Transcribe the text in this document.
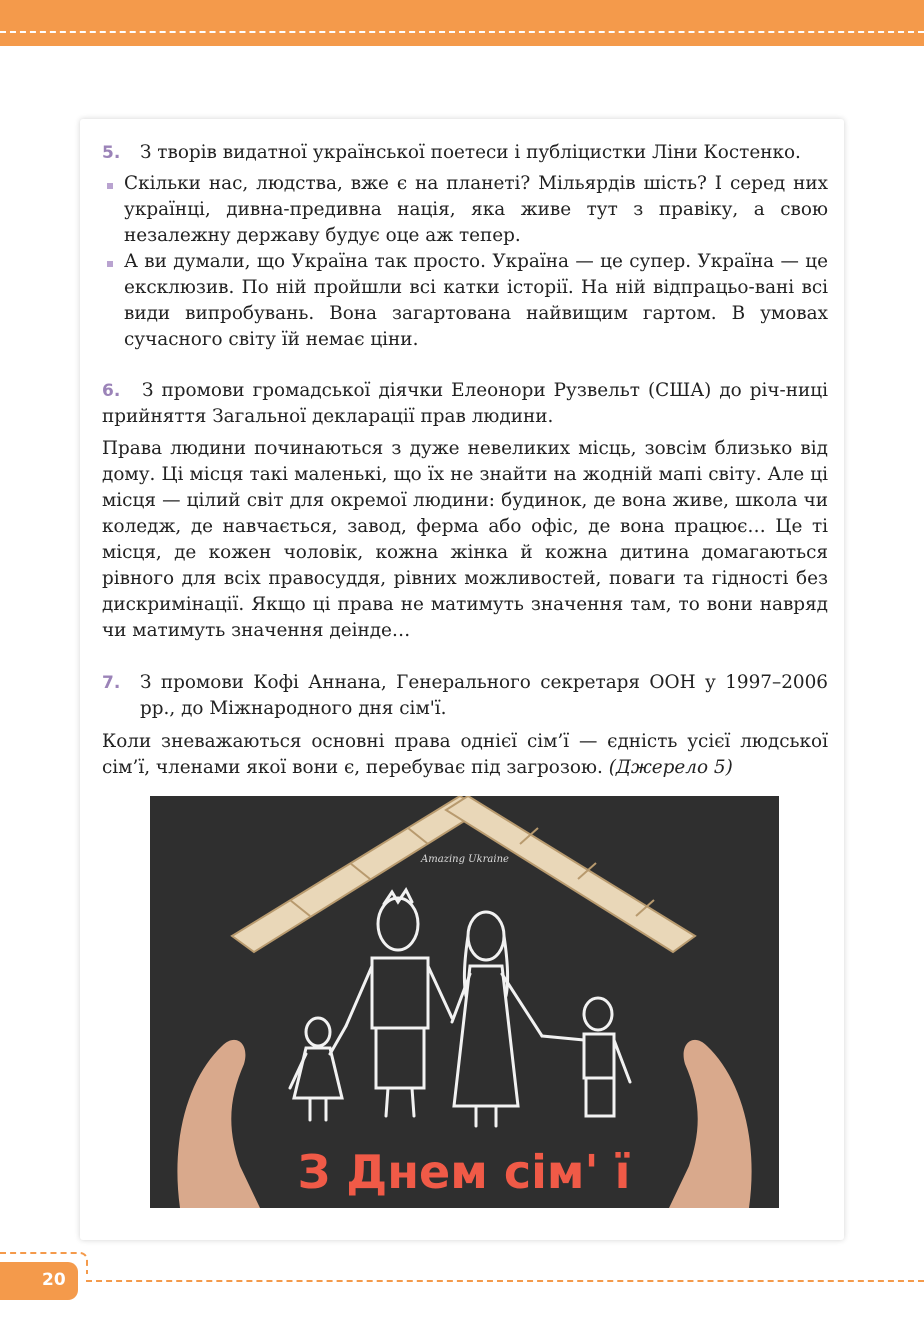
5. З творів видатної української поетеси і публіцистки Ліни Костенко.

Скільки нас, людства, вже є на планеті? Мільярдів шість? І серед них українці, дивна-предивна нація, яка живе тут з правіку, а свою незалежну державу будує оце аж тепер.

А ви думали, що Україна так просто. Україна — це супер. Україна — це ексклюзив. По ній пройшли всі катки історії. На ній відпрацьо-вані всі види випробувань. Вона загартована найвищим гартом. В умовах сучасного світу їй немає ціни.

6.	З промови громадської діячки Елеонори Рузвельт (США) до річ-ниці прийняття Загальної декларації прав людини.

Права людини починаються з дуже невеликих місць, зовсім близько від дому. Ці місця такі маленькі, що їх не знайти на жодній мапі світу. Але ці місця — цілий світ для окремої людини: будинок, де вона живе, школа чи коледж, де навчається, завод, ферма або офіс, де вона працює… Це ті місця, де кожен чоловік, кожна жінка й кожна дитина домагаються рівного для всіх правосуддя, рівних можливостей, поваги та гідності без дискримінації. Якщо ці права не матимуть значення там, то вони навряд чи матимуть значення деінде…

7. З промови Кофі Аннана, Генерального секретаря ООН у 1997–2006 рр., до Міжнародного дня сім'ї.

Коли зневажаються основні права однієї сім’ї — єдність усієї людської сім’ї, членами якої вони є, перебуває під загрозою. (Джерело 5)

Amazing Ukraine
З Днем сім' ї
20
